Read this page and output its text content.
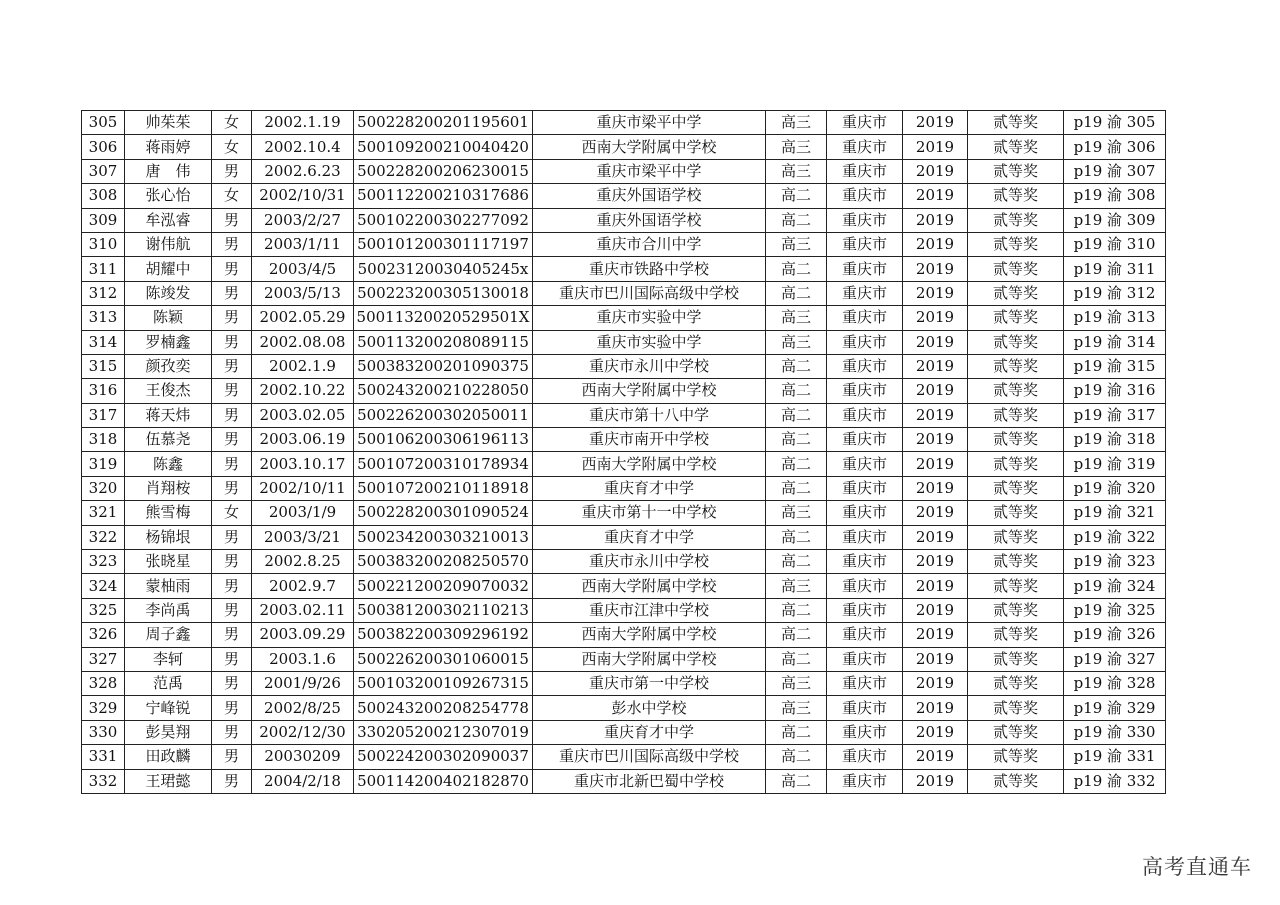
305	帅茱茱	女	2002.1.19	500228200201195601	重庆市梁平中学	高三	重庆市	2019	贰等奖	p19 渝 305
306	蒋雨婷	女	2002.10.4	500109200210040420	西南大学附属中学校	高三	重庆市	2019	贰等奖	p19 渝 306
307	唐　伟	男	2002.6.23	500228200206230015	重庆市梁平中学	高三	重庆市	2019	贰等奖	p19 渝 307
308	张心怡	女	2002/10/31	500112200210317686	重庆外国语学校	高二	重庆市	2019	贰等奖	p19 渝 308
309	牟泓睿	男	2003/2/27	500102200302277092	重庆外国语学校	高二	重庆市	2019	贰等奖	p19 渝 309
310	谢伟航	男	2003/1/11	500101200301117197	重庆市合川中学	高三	重庆市	2019	贰等奖	p19 渝 310
311	胡耀中	男	2003/4/5	50023120030405245x	重庆市铁路中学校	高二	重庆市	2019	贰等奖	p19 渝 311
312	陈竣发	男	2003/5/13	500223200305130018	重庆市巴川国际高级中学校	高二	重庆市	2019	贰等奖	p19 渝 312
313	陈颖	男	2002.05.29	50011320020529501X	重庆市实验中学	高三	重庆市	2019	贰等奖	p19 渝 313
314	罗楠鑫	男	2002.08.08	500113200208089115	重庆市实验中学	高三	重庆市	2019	贰等奖	p19 渝 314
315	颜孜奕	男	2002.1.9	500383200201090375	重庆市永川中学校	高二	重庆市	2019	贰等奖	p19 渝 315
316	王俊杰	男	2002.10.22	500243200210228050	西南大学附属中学校	高二	重庆市	2019	贰等奖	p19 渝 316
317	蒋天炜	男	2003.02.05	500226200302050011	重庆市第十八中学	高二	重庆市	2019	贰等奖	p19 渝 317
318	伍慕尧	男	2003.06.19	500106200306196113	重庆市南开中学校	高二	重庆市	2019	贰等奖	p19 渝 318
319	陈鑫	男	2003.10.17	500107200310178934	西南大学附属中学校	高二	重庆市	2019	贰等奖	p19 渝 319
320	肖翔桉	男	2002/10/11	500107200210118918	重庆育才中学	高二	重庆市	2019	贰等奖	p19 渝 320
321	熊雪梅	女	2003/1/9	500228200301090524	重庆市第十一中学校	高三	重庆市	2019	贰等奖	p19 渝 321
322	杨锦垠	男	2003/3/21	500234200303210013	重庆育才中学	高二	重庆市	2019	贰等奖	p19 渝 322
323	张晓星	男	2002.8.25	500383200208250570	重庆市永川中学校	高二	重庆市	2019	贰等奖	p19 渝 323
324	蒙柚雨	男	2002.9.7	500221200209070032	西南大学附属中学校	高三	重庆市	2019	贰等奖	p19 渝 324
325	李尚禹	男	2003.02.11	500381200302110213	重庆市江津中学校	高二	重庆市	2019	贰等奖	p19 渝 325
326	周子鑫	男	2003.09.29	500382200309296192	西南大学附属中学校	高二	重庆市	2019	贰等奖	p19 渝 326
327	李轲	男	2003.1.6	500226200301060015	西南大学附属中学校	高二	重庆市	2019	贰等奖	p19 渝 327
328	范禹	男	2001/9/26	500103200109267315	重庆市第一中学校	高三	重庆市	2019	贰等奖	p19 渝 328
329	宁峰锐	男	2002/8/25	500243200208254778	彭水中学校	高三	重庆市	2019	贰等奖	p19 渝 329
330	彭昊翔	男	2002/12/30	330205200212307019	重庆育才中学	高二	重庆市	2019	贰等奖	p19 渝 330
331	田政麟	男	20030209	500224200302090037	重庆市巴川国际高级中学校	高二	重庆市	2019	贰等奖	p19 渝 331
332	王珺懿	男	2004/2/18	500114200402182870	重庆市北新巴蜀中学校	高二	重庆市	2019	贰等奖	p19 渝 332
高考直通车
